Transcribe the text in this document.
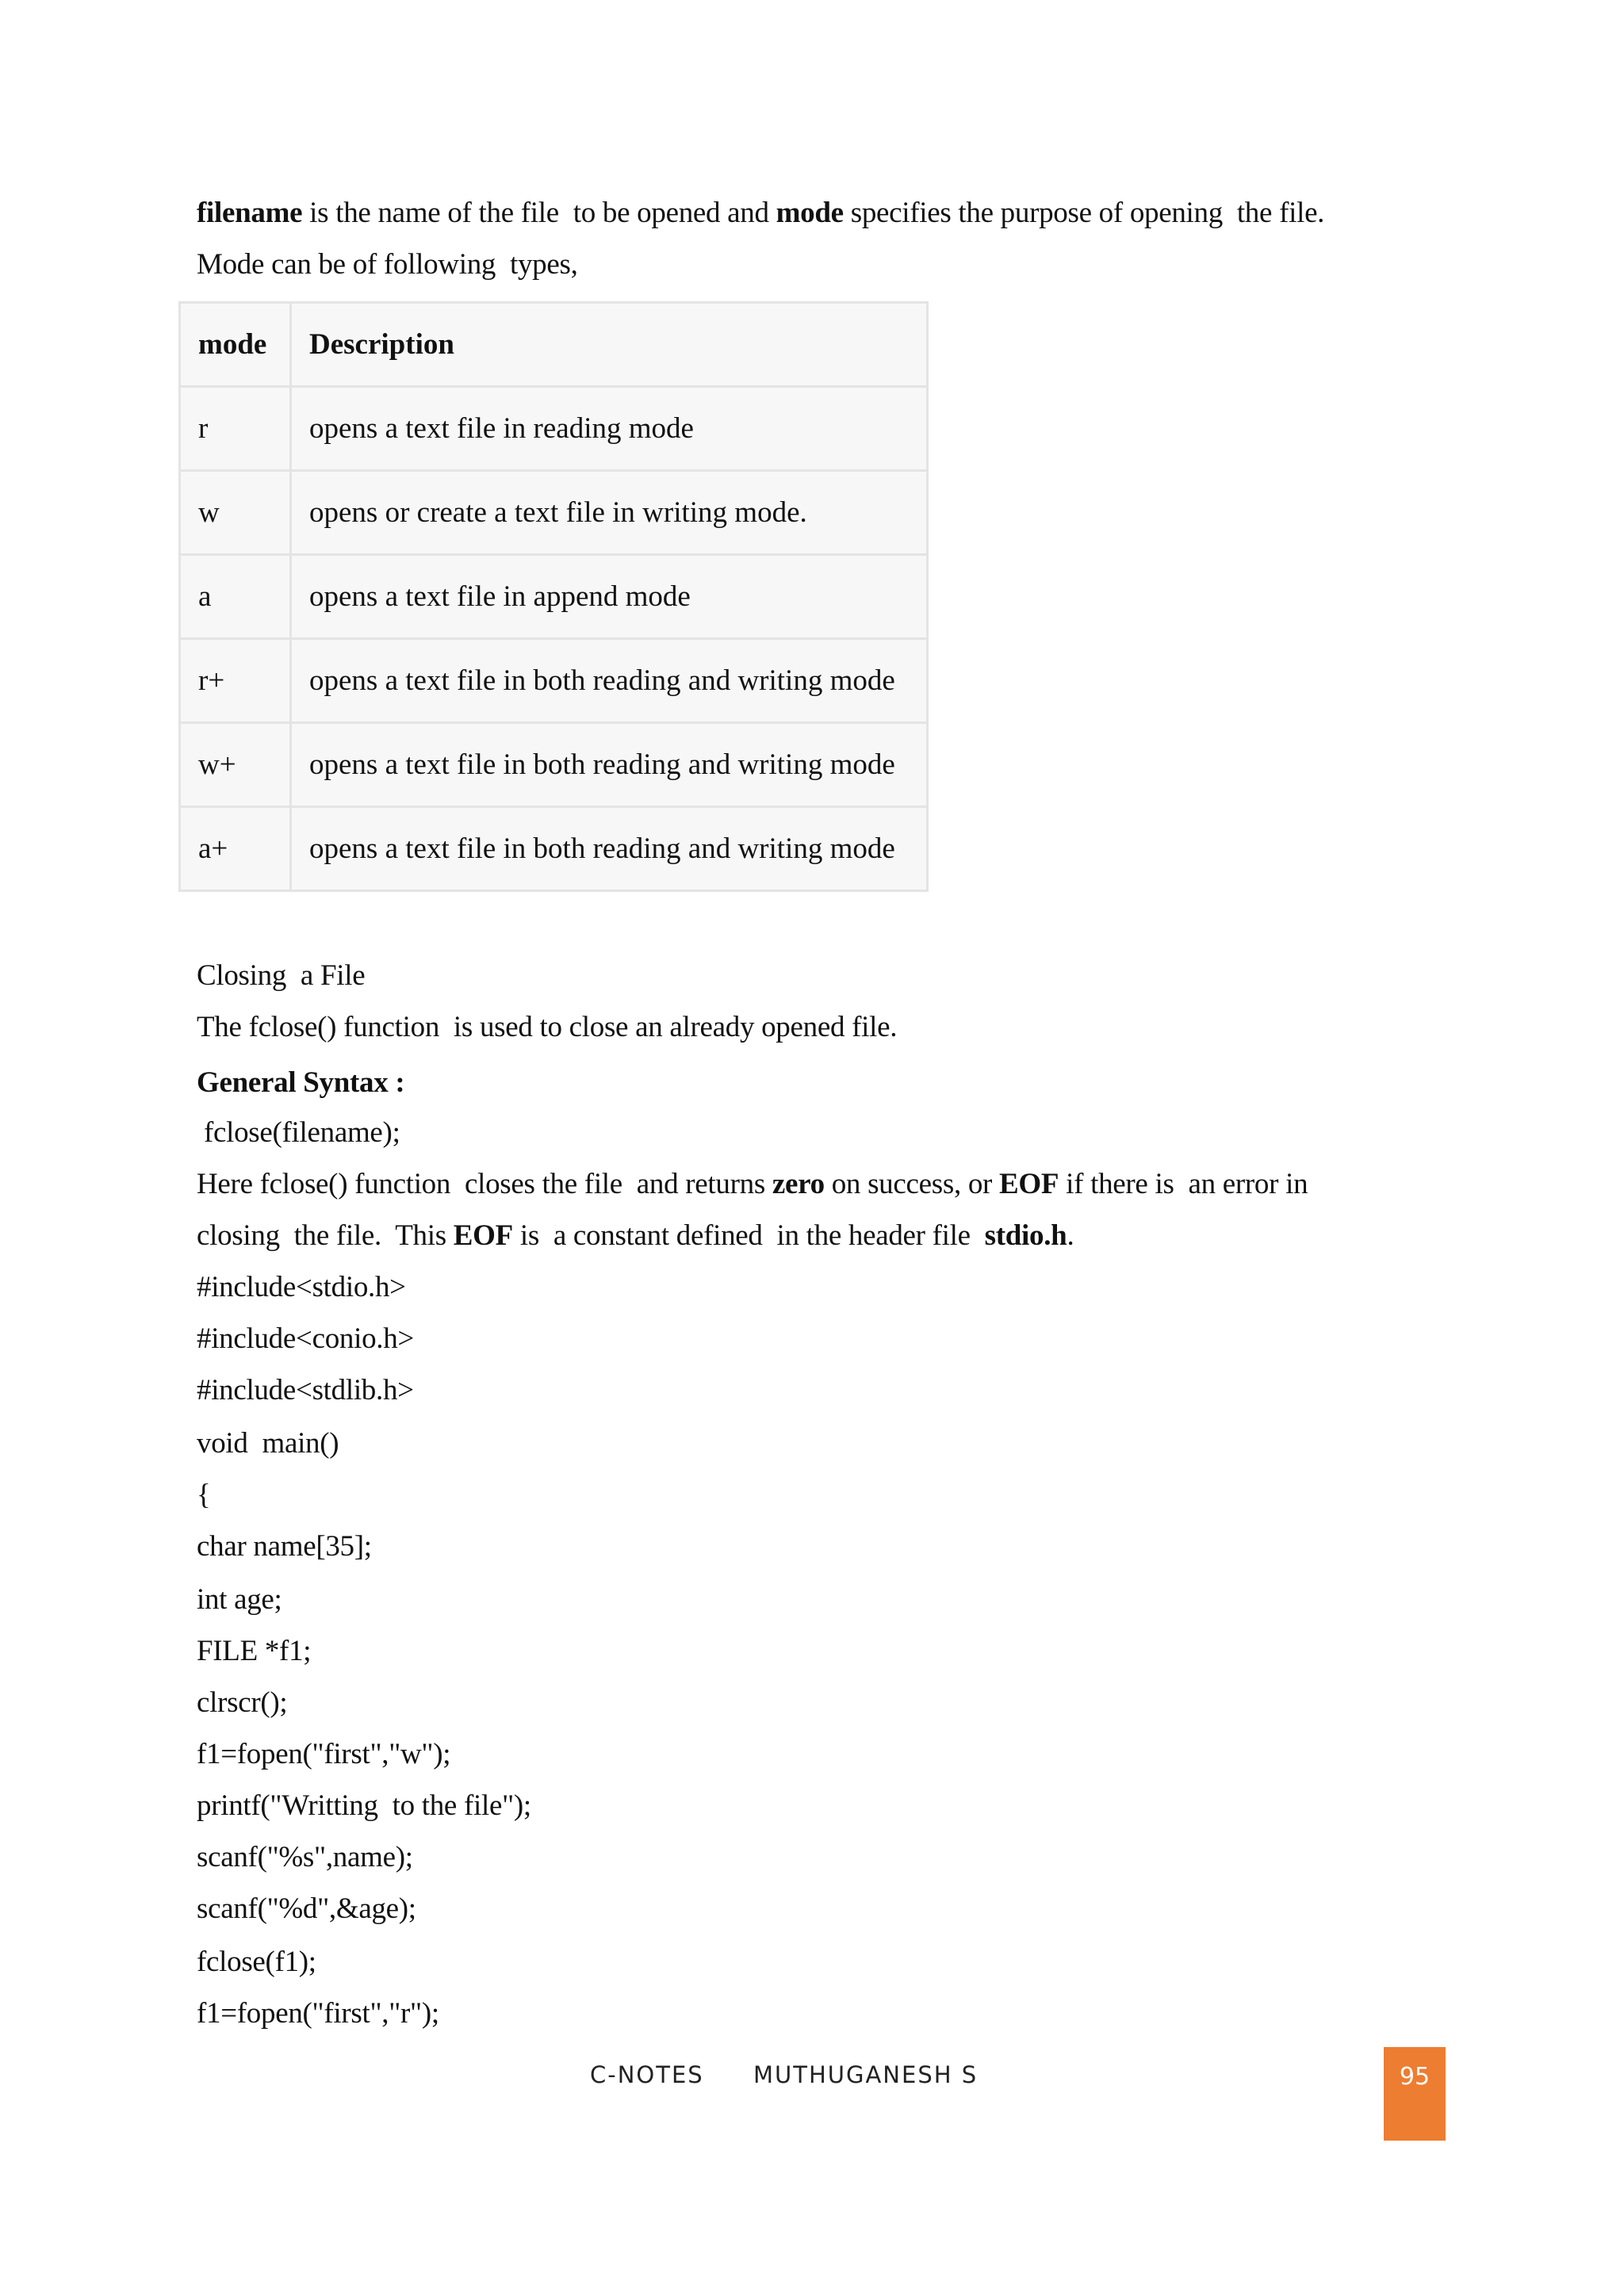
filename is the name of the file  to be opened and mode specifies the purpose of opening  the file.
Mode can be of following  types,
mode	Description
r	opens a text file in reading mode
w	opens or create a text file in writing mode.
a	opens a text file in append mode
r+	opens a text file in both reading and writing mode
w+	opens a text file in both reading and writing mode
a+	opens a text file in both reading and writing mode
Closing  a File
The fclose() function  is used to close an already opened file.
General Syntax :
fclose(filename);
Here fclose() function  closes the file  and returns zero on success, or EOF if there is  an error in
closing  the file.  This EOF is  a constant defined  in the header file  stdio.h.
#include<stdio.h>
#include<conio.h>
#include<stdlib.h>
void  main()
{
char name[35];
int age;
FILE *f1;
clrscr();
f1=fopen("first","w");
printf("Writting  to the file");
scanf("%s",name);
scanf("%d",&age);
fclose(f1);
f1=fopen("first","r");
C-NOTES MUTHUGANESH S	95
